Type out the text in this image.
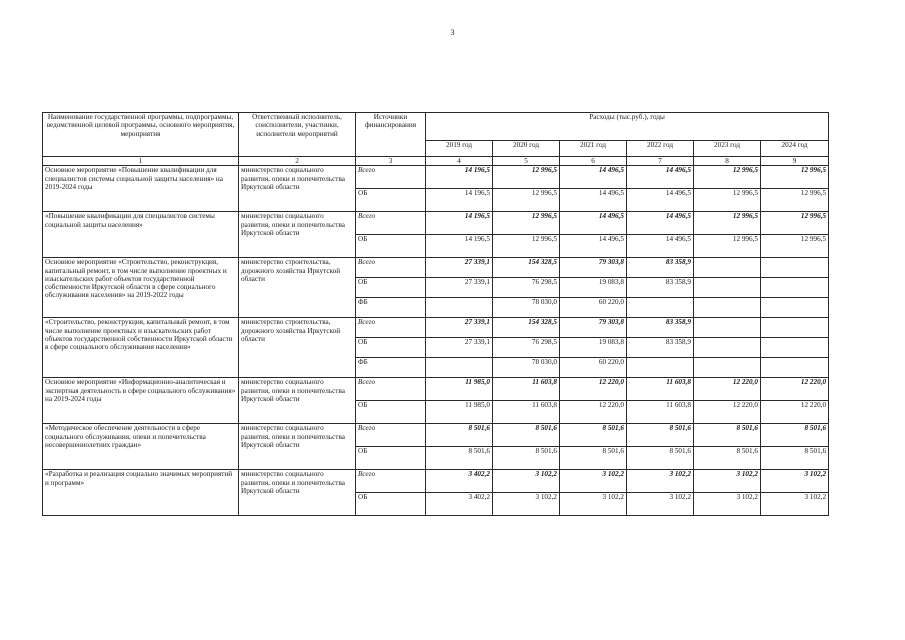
3
Наименование государственной программы, подпрограммы, ведомственной целевой программы, основного мероприятия, мероприятия	Ответственный исполнитель, соисполнители, участники, исполнители мероприятий	Источники финансирования	Расходы (тыс.руб.), годы					
			2019 год	2020 год	2021 год	2022 год	2023 год	2024 год
1	2	3	4	5	6	7	8	9
Основное мероприятие «Повышение квалификации для специалистов системы социальной защиты населения» на 2019-2024 годы	министерство социального развития, опеки и попечительства Иркутской области	Всего	14 196,5	12 996,5	14 496,5	14 496,5	12 996,5	12 996,5
		ОБ	14 196,5	12 996,5	14 496,5	14 496,5	12 996,5	12 996,5
«Повышение квалификации для специалистов системы социальной защиты населения»	министерство социального развития, опеки и попечительства Иркутской области	Всего	14 196,5	12 996,5	14 496,5	14 496,5	12 996,5	12 996,5
		ОБ	14 196,5	12 996,5	14 496,5	14 496,5	12 996,5	12 996,5
Основное мероприятие «Строительство, реконструкция, капитальный ремонт, в том числе выполнение проектных и изыскательских работ объектов государственной собственности Иркутской области в сфере социального обслуживания населения» на 2019-2022 годы	министерство строительства, дорожного хозяйства Иркутской области	Всего	27 339,1	154 328,5	79 303,8	83 358,9		
		ОБ	27 339,1	76 298,5	19 083,8	83 358,9		
		ФБ		78 030,0	60 220,0			
«Строительство, реконструкция, капитальный ремонт, в том числе выполнение проектных и изыскательских работ объектов государственной собственности Иркутской области в сфере социального обслуживания населения»	министерство строительства, дорожного хозяйства Иркутской области	Всего	27 339,1	154 328,5	79 303,8	83 358,9		
		ОБ	27 339,1	76 298,5	19 083,8	83 358,9		
		ФБ		78 030,0	60 220,0			
Основное мероприятие «Информационно-аналитическая и экспертная деятельность в сфере социального обслуживания» на 2019-2024 годы	министерство социального развития, опеки и попечительства Иркутской области	Всего	11 985,0	11 603,8	12 220,0	11 603,8	12 220,0	12 220,0
		ОБ	11 985,0	11 603,8	12 220,0	11 603,8	12 220,0	12 220,0
«Методическое обеспечение деятельности в сфере социального обслуживания, опеки и попечительства несовершеннолетних граждан»	министерство социального развития, опеки и попечительства Иркутской области	Всего	8 501,6	8 501,6	8 501,6	8 501,6	8 501,6	8 501,6
		ОБ	8 501,6	8 501,6	8 501,6	8 501,6	8 501,6	8 501,6
«Разработка и реализация социально значимых мероприятий и программ»	министерство социального развития, опеки и попечительства Иркутской области	Всего	3 402,2	3 102,2	3 102,2	3 102,2	3 102,2	3 102,2
		ОБ	3 402,2	3 102,2	3 102,2	3 102,2	3 102,2	3 102,2
